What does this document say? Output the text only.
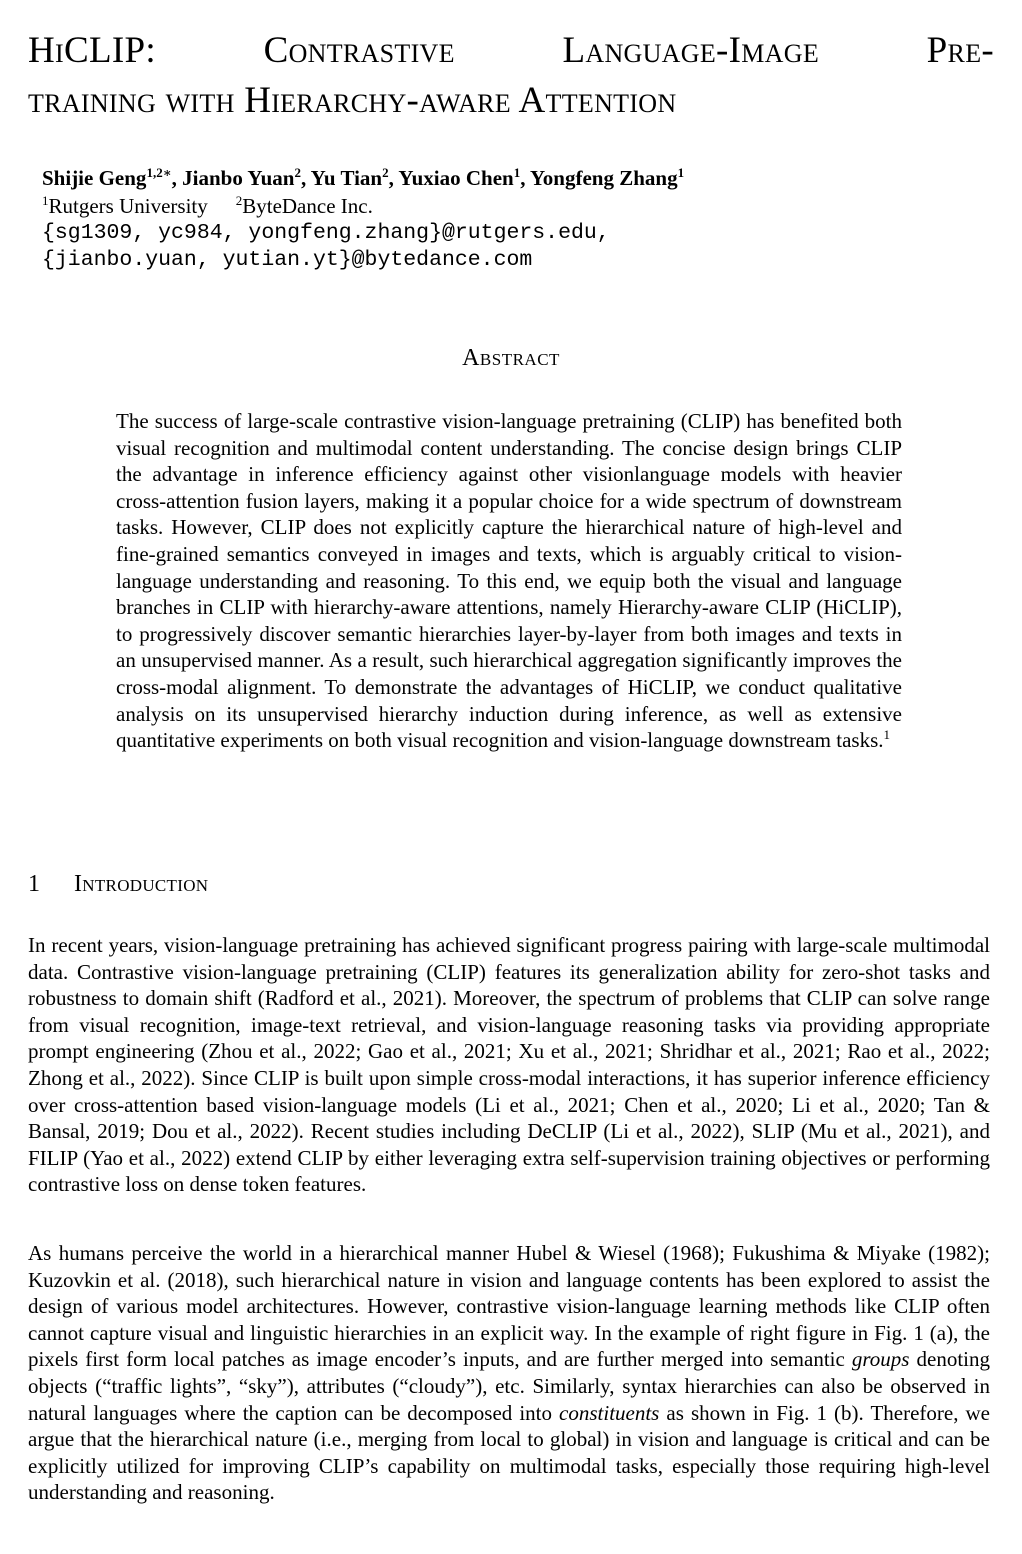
HiCLIP: Contrastive Language-Image Pre-
training with Hierarchy-aware Attention
Shijie Geng$^{1,2∗}$, Jianbo Yuan$^2$, Yu Tian$^2$, Yuxiao Chen$^1$, Yongfeng Zhang$^1$
$^1$Rutgers University $^2$ByteDance Inc.
{sg1309, yc984, yongfeng.zhang}@rutgers.edu,
{jianbo.yuan, yutian.yt}@bytedance.com
Abstract

The success of large-scale contrastive vision-language pretraining (CLIP) has benefited both visual recognition and multimodal content understanding. The concise design brings CLIP the advantage in inference efficiency against other visionlanguage models with heavier cross-attention fusion layers, making it a popular choice for a wide spectrum of downstream tasks. However, CLIP does not explicitly capture the hierarchical nature of high-level and fine-grained semantics conveyed in images and texts, which is arguably critical to vision-language understanding and reasoning. To this end, we equip both the visual and language branches in CLIP with hierarchy-aware attentions, namely Hierarchy-aware CLIP (HiCLIP), to progressively discover semantic hierarchies layer-by-layer from both images and texts in an unsupervised manner. As a result, such hierarchical aggregation significantly improves the cross-modal alignment. To demonstrate the advantages of HiCLIP, we conduct qualitative analysis on its unsupervised hierarchy induction during inference, as well as extensive quantitative experiments on both visual recognition and vision-language downstream tasks.$^1$

1 Introduction

In recent years, vision-language pretraining has achieved significant progress pairing with large-scale multimodal data. Contrastive vision-language pretraining (CLIP) features its generalization ability for zero-shot tasks and robustness to domain shift (Radford et al., 2021). Moreover, the spectrum of problems that CLIP can solve range from visual recognition, image-text retrieval, and vision-language reasoning tasks via providing appropriate prompt engineering (Zhou et al., 2022; Gao et al., 2021; Xu et al., 2021; Shridhar et al., 2021; Rao et al., 2022; Zhong et al., 2022). Since CLIP is built upon simple cross-modal interactions, it has superior inference efficiency over cross-attention based vision-language models (Li et al., 2021; Chen et al., 2020; Li et al., 2020; Tan & Bansal, 2019; Dou et al., 2022). Recent studies including DeCLIP (Li et al., 2022), SLIP (Mu et al., 2021), and FILIP (Yao et al., 2022) extend CLIP by either leveraging extra self-supervision training objectives or performing contrastive loss on dense token features.

As humans perceive the world in a hierarchical manner Hubel & Wiesel (1968); Fukushima & Miyake (1982); Kuzovkin et al. (2018), such hierarchical nature in vision and language contents has been explored to assist the design of various model architectures. However, contrastive vision-language learning methods like CLIP often cannot capture visual and linguistic hierarchies in an explicit way. In the example of right figure in Fig. 1 (a), the pixels first form local patches as image encoder’s inputs, and are further merged into semantic groups denoting objects (“traffic lights”, “sky”), attributes (“cloudy”), etc. Similarly, syntax hierarchies can also be observed in natural languages where the caption can be decomposed into constituents as shown in Fig. 1 (b). Therefore, we argue that the hierarchical nature (i.e., merging from local to global) in vision and language is critical and can be explicitly utilized for improving CLIP’s capability on multimodal tasks, especially those requiring high-level understanding and reasoning.
